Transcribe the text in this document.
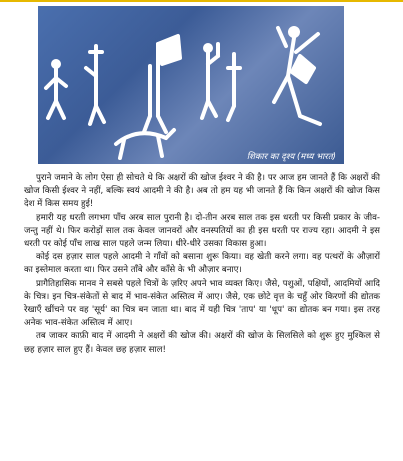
शिकार का दृश्य (मध्य भारत)

पुराने जमाने के लोग ऐसा ही सोचते थे कि अक्षरों की खोज ईश्वर ने की है। पर आज हम जानते हैं कि अक्षरों की खोज किसी ईश्वर ने नहीं, बल्कि स्वयं आदमी ने की है। अब तो हम यह भी जानते हैं कि किन अक्षरों की खोज किस देश में किस समय हुई!

हमारी यह धरती लगभग पाँच अरब साल पुरानी है। दो-तीन अरब साल तक इस धरती पर किसी प्रकार के जीव-जन्तु नहीं थे। फिर करोड़ों साल तक केवल जानवरों और वनस्पतियों का ही इस धरती पर राज्य रहा। आदमी ने इस धरती पर कोई पाँच लाख साल पहले जन्म लिया। धीरे-धीरे उसका विकास हुआ।

कोई दस हज़ार साल पहले आदमी ने गाँवों को बसाना शुरू किया। वह खेती करने लगा। वह पत्थरों के औज़ारों का इस्तेमाल करता था। फिर उसने ताँबे और काँसे के भी औज़ार बनाए।

प्रागैतिहासिक मानव ने सबसे पहले चित्रों के ज़रिए अपने भाव व्यक्त किए। जैसे, पशुओं, पक्षियों, आदमियों आदि के चित्र। इन चित्र-संकेतों से बाद में भाव-संकेत अस्तित्व में आए। जैसे, एक छोटे वृत्त के चहुँ ओर किरणों की द्योतक रेखाएँ खींचने पर वह 'सूर्य' का चित्र बन जाता था। बाद में यही चित्र 'ताप' या 'धूप' का द्योतक बन गया। इस तरह अनेक भाव-संकेत अस्तित्व में आए।

तब जाकर काफ़ी बाद में आदमी ने अक्षरों की खोज की। अक्षरों की खोज के सिलसिले को शुरू हुए मुश्किल से छह हज़ार साल हुए हैं। केवल छह हज़ार साल!
